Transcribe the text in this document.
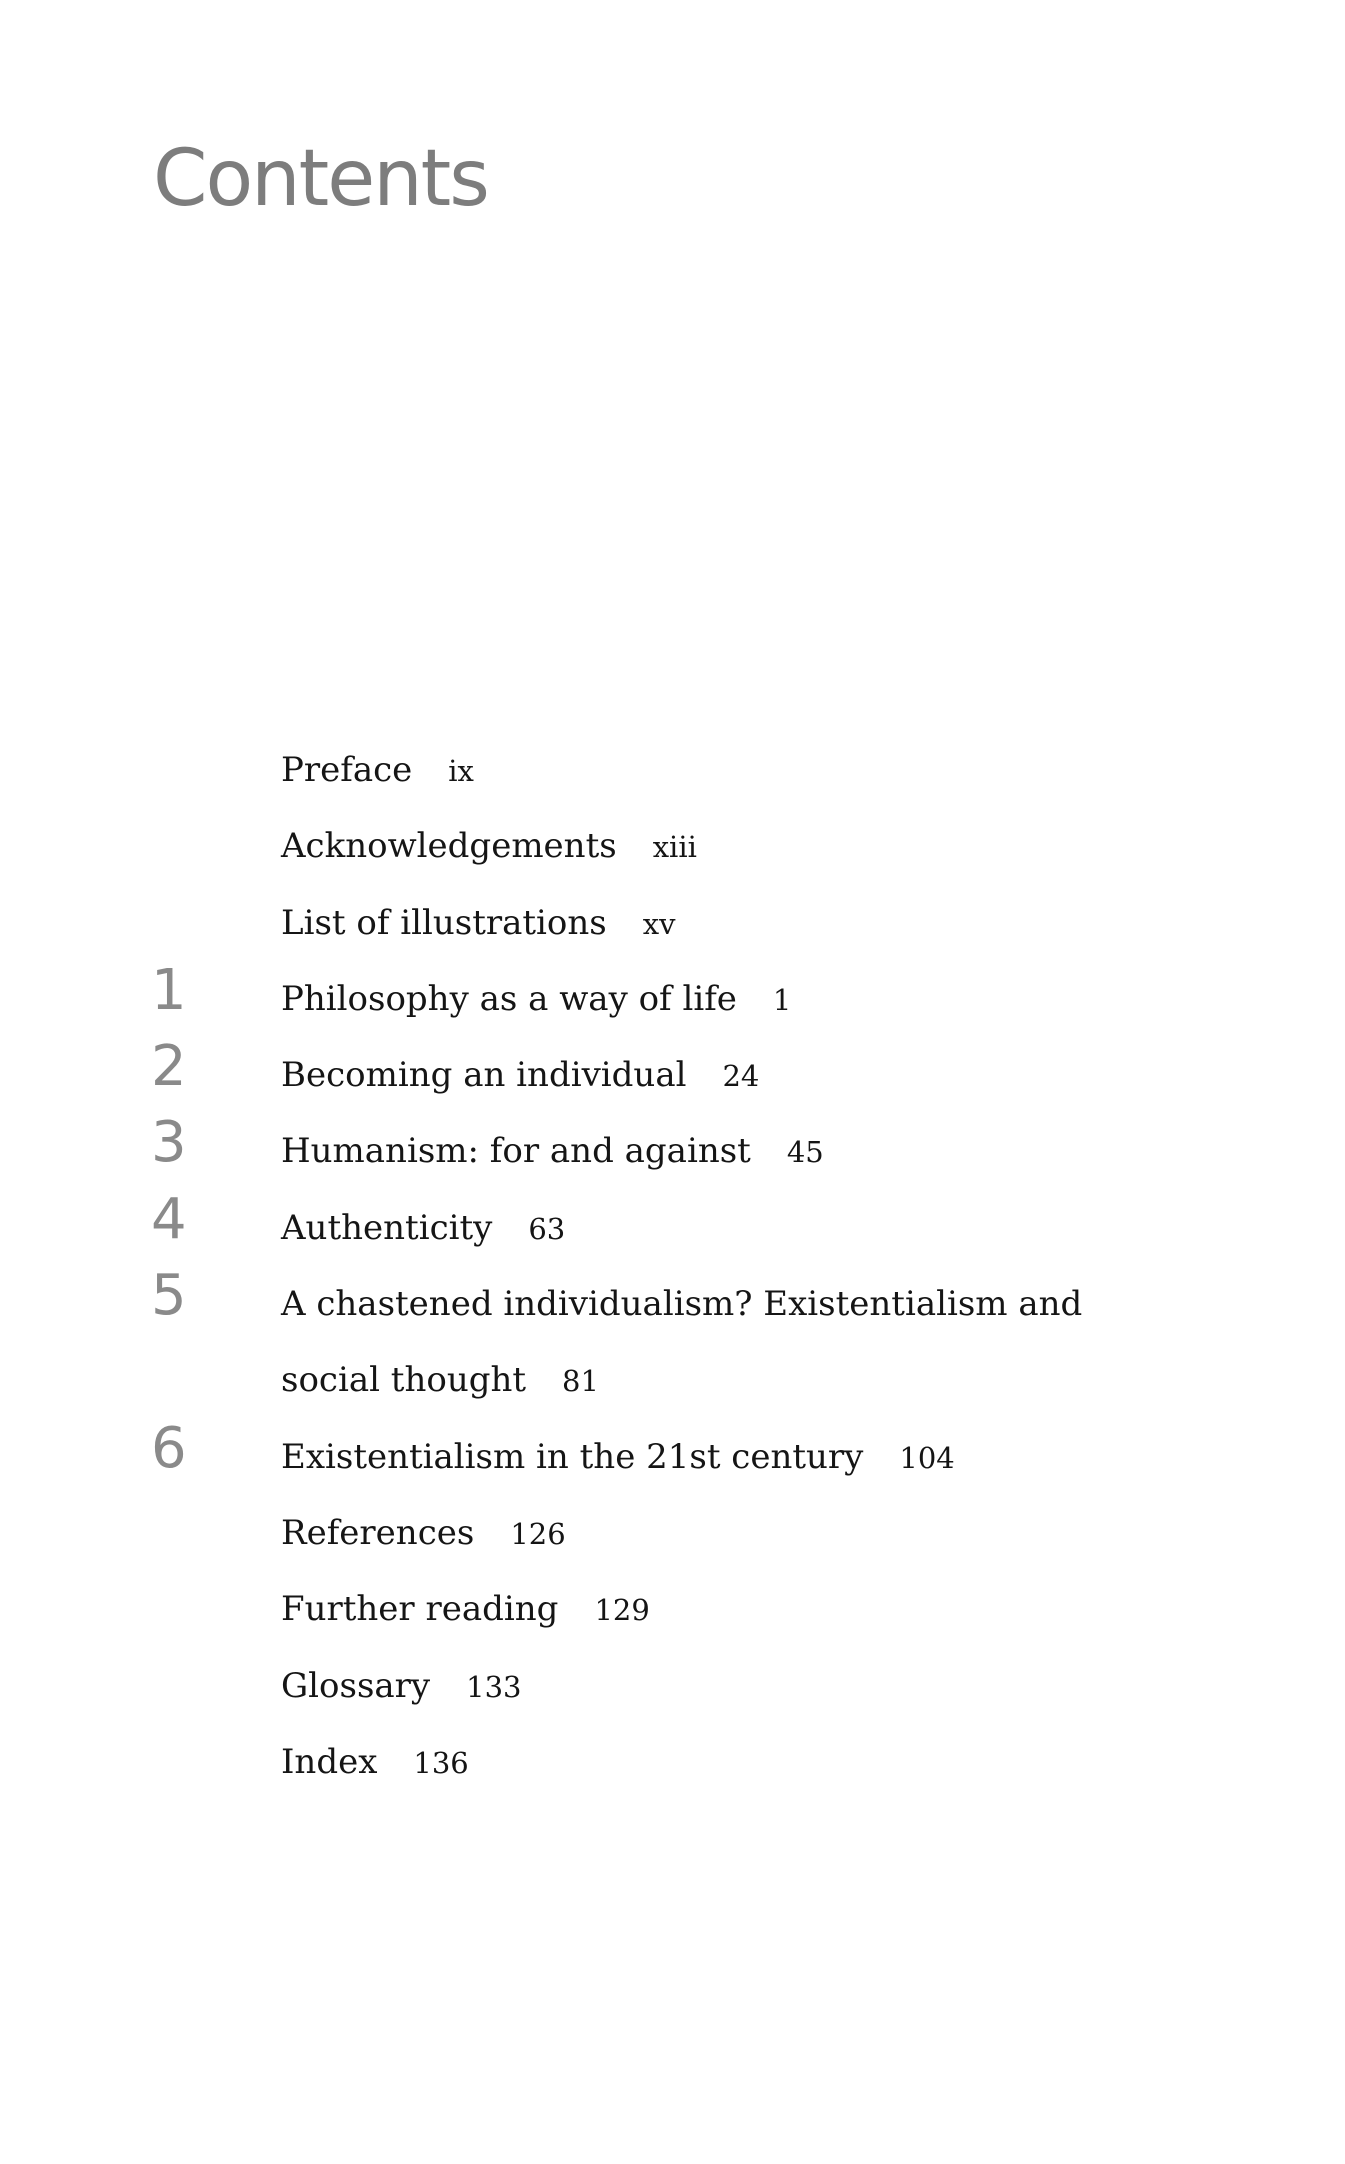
Contents
Preface ix
Acknowledgements xiii
List of illustrations xv
1	Philosophy as a way of life 1
2	Becoming an individual 24
3	Humanism: for and against 45
4	Authenticity 63
5	A chastened individualism? Existentialism and
social thought 81
6	Existentialism in the 21st century 104
References 126
Further reading 129
Glossary 133
Index 136
